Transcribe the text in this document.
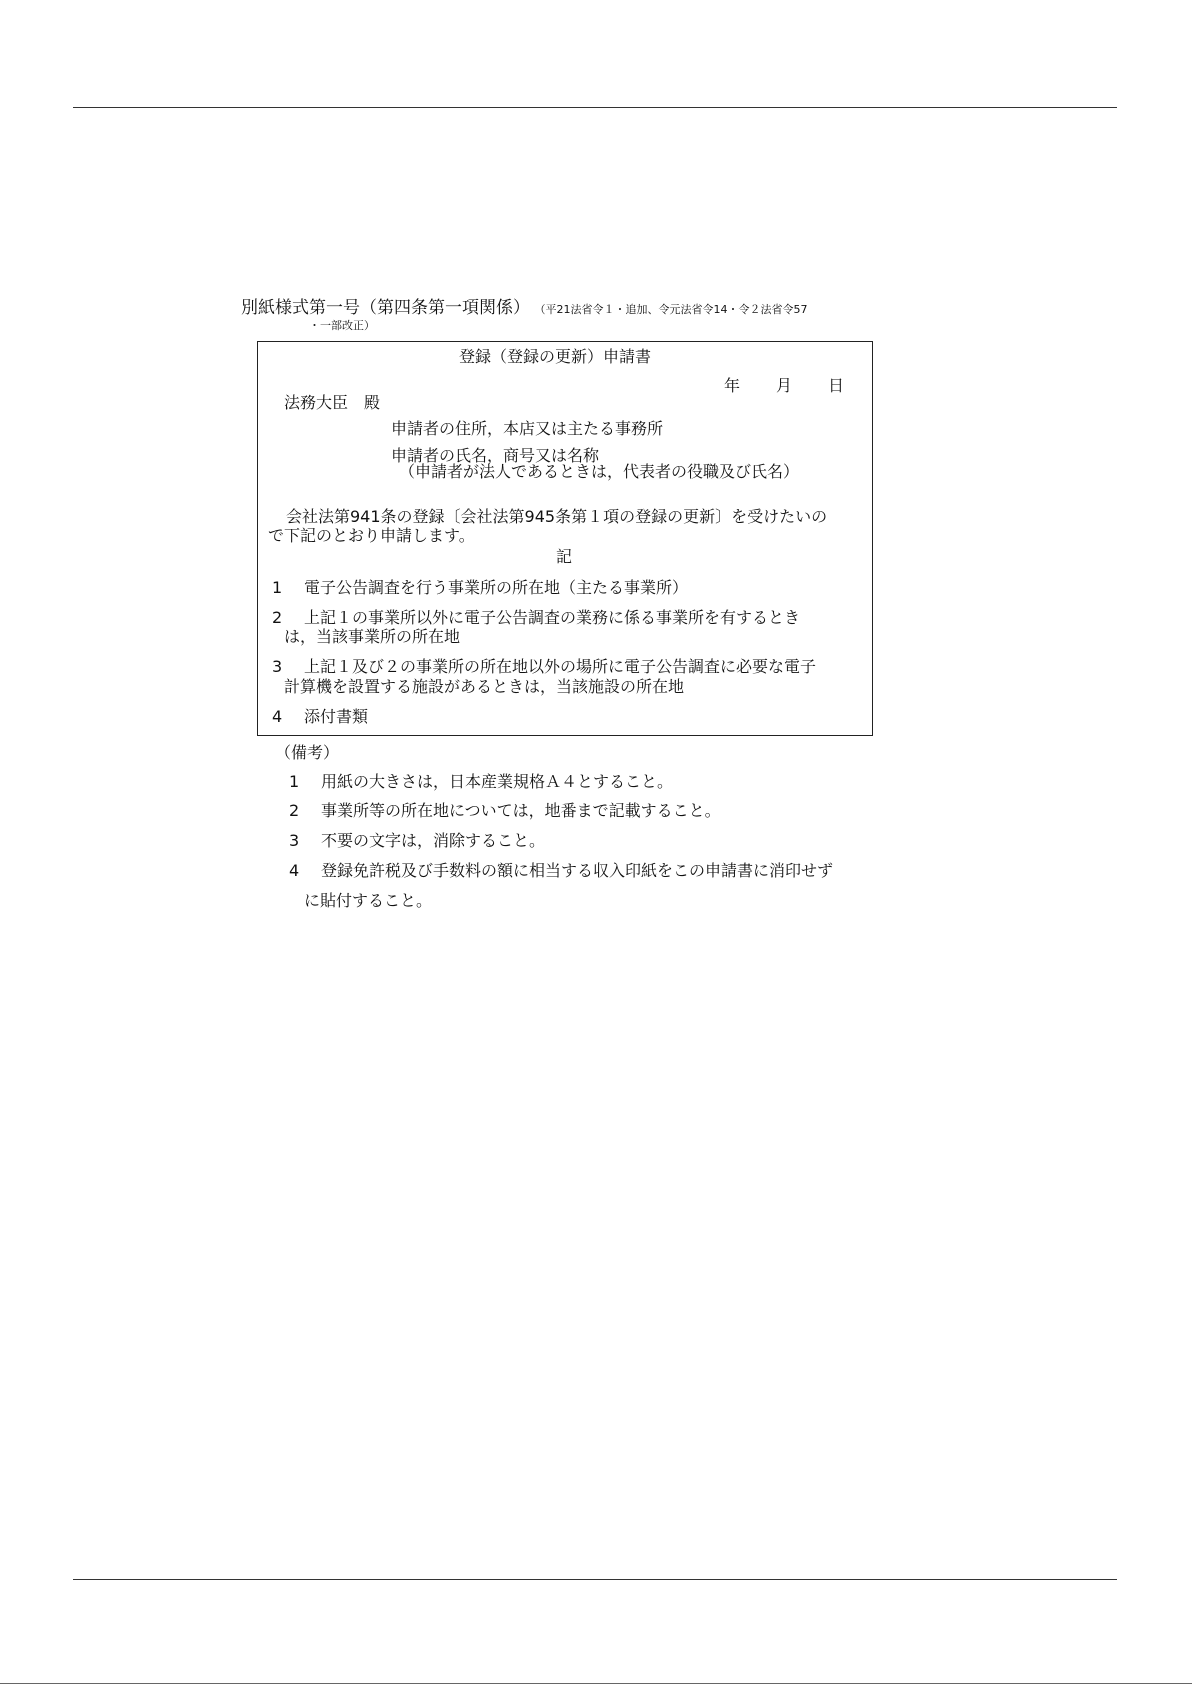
別紙様式第一号（第四条第一項関係） （平21法省令１・追加、令元法省令14・令２法省令57
・一部改正）
登録（登録の更新）申請書
年 月 日
法務大臣　殿
申請者の住所，本店又は主たる事務所
申請者の氏名，商号又は名称
（申請者が法人であるときは，代表者の役職及び氏名）
会社法第941条の登録〔会社法第945条第１項の登録の更新〕を受けたいの
で下記のとおり申請します。
記
1 電子公告調査を行う事業所の所在地（主たる事業所）
2 上記１の事業所以外に電子公告調査の業務に係る事業所を有するとき
は，当該事業所の所在地
3 上記１及び２の事業所の所在地以外の場所に電子公告調査に必要な電子
計算機を設置する施設があるときは，当該施設の所在地
4 添付書類
（備考）
1 用紙の大きさは，日本産業規格Ａ４とすること。
2 事業所等の所在地については，地番まで記載すること。
3 不要の文字は，消除すること。
4 登録免許税及び手数料の額に相当する収入印紙をこの申請書に消印せず
に貼付すること。
